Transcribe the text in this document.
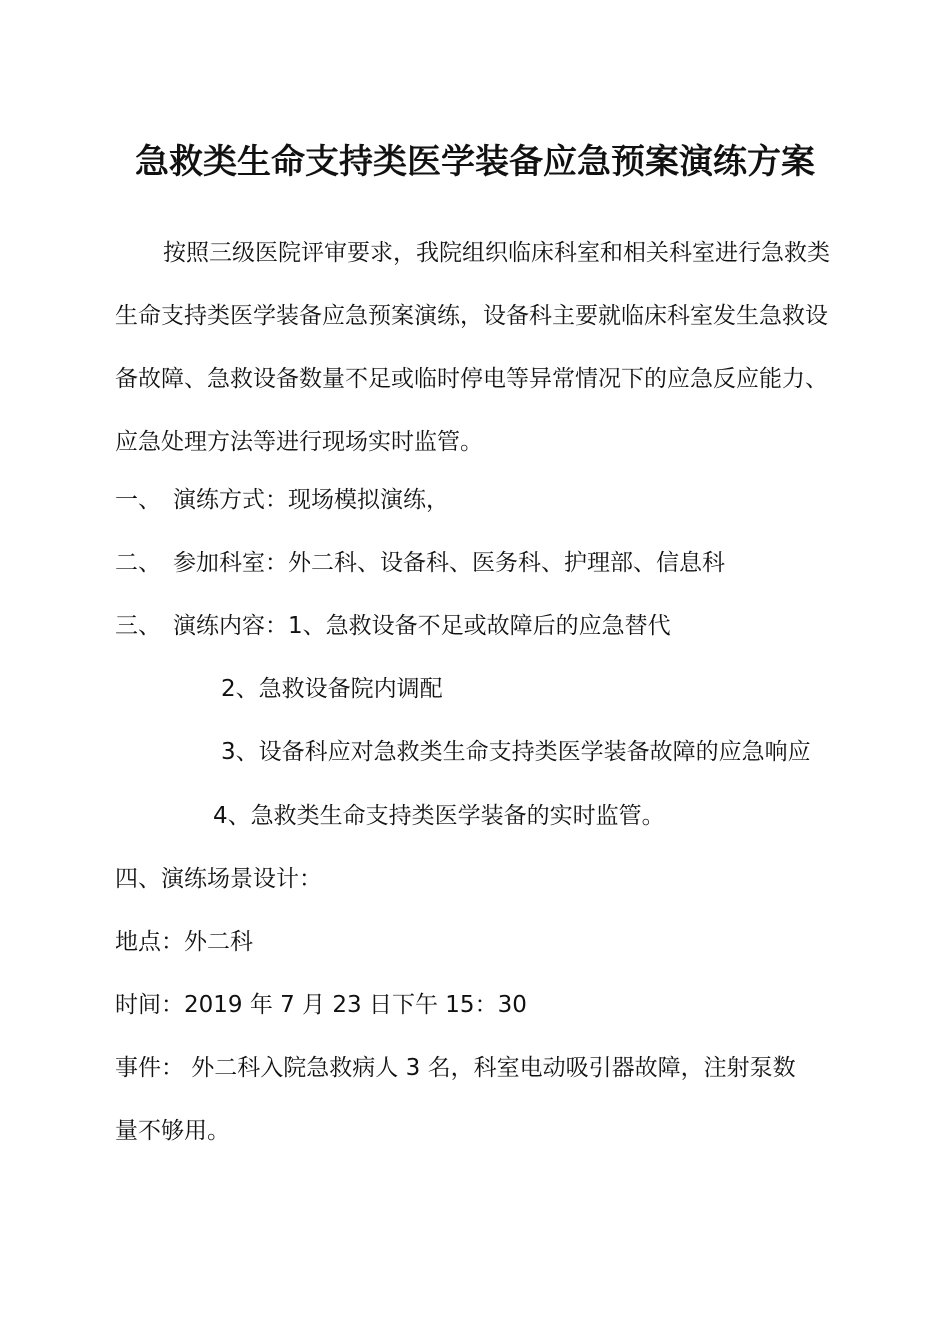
急救类生命支持类医学装备应急预案演练方案

按照三级医院评审要求，我院组织临床科室和相关科室进行急救类生命支持类医学装备应急预案演练，设备科主要就临床科室发生急救设备故障、急救设备数量不足或临时停电等异常情况下的应急反应能力、应急处理方法等进行现场实时监管。

一、 演练方式：现场模拟演练，
二、 参加科室：外二科、设备科、医务科、护理部、信息科
三、 演练内容：1、急救设备不足或故障后的应急替代
2、急救设备院内调配
3、设备科应对急救类生命支持类医学装备故障的应急响应
4、急救类生命支持类医学装备的实时监管。
四、演练场景设计：
地点：外二科
时间：2019 年 7 月 23 日下午 15：30
事件： 外二科入院急救病人 3 名，科室电动吸引器故障，注射泵数
量不够用。
